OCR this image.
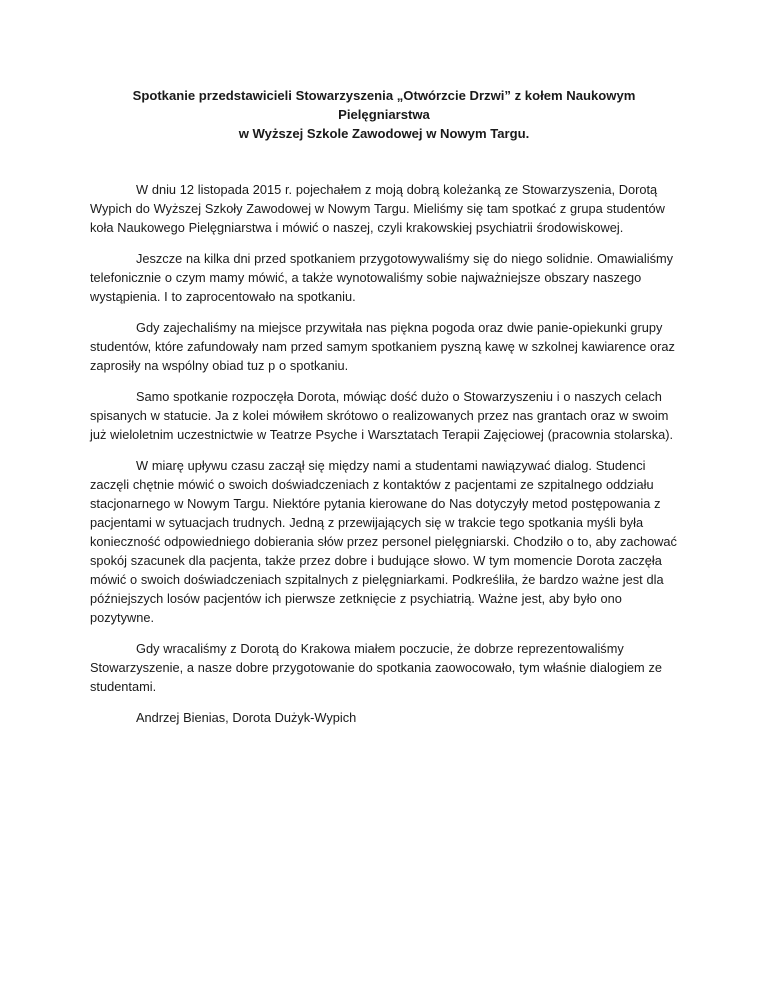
Spotkanie przedstawicieli Stowarzyszenia „Otwórzcie Drzwi” z kołem Naukowym Pielęgniarstwa
w Wyższej Szkole Zawodowej w Nowym Targu.

W dniu 12 listopada 2015 r. pojechałem z moją dobrą koleżanką ze Stowarzyszenia, Dorotą Wypich do Wyższej Szkoły Zawodowej w Nowym Targu. Mieliśmy się tam spotkać z grupa studentów koła Naukowego Pielęgniarstwa i mówić o naszej, czyli krakowskiej psychiatrii środowiskowej.

Jeszcze na kilka dni przed spotkaniem przygotowywaliśmy się do niego solidnie. Omawialiśmy telefonicznie o czym mamy mówić, a także wynotowaliśmy sobie najważniejsze obszary naszego wystąpienia. I to zaprocentowało na spotkaniu.

Gdy zajechaliśmy na miejsce przywitała nas piękna pogoda oraz dwie panie-opiekunki grupy studentów, które zafundowały nam przed samym spotkaniem pyszną kawę w szkolnej kawiarence oraz zaprosiły na wspólny obiad tuz p o spotkaniu.

Samo spotkanie rozpoczęła Dorota, mówiąc dość dużo o Stowarzyszeniu i o naszych celach spisanych w statucie. Ja z kolei mówiłem skrótowo o realizowanych przez nas grantach oraz w swoim już wieloletnim uczestnictwie w Teatrze Psyche i Warsztatach Terapii Zajęciowej (pracownia stolarska).

W miarę upływu czasu zaczął się między nami a studentami nawiązywać dialog. Studenci zaczęli chętnie mówić o swoich doświadczeniach z kontaktów z pacjentami ze szpitalnego oddziału stacjonarnego w Nowym Targu. Niektóre pytania kierowane do Nas dotyczyły metod postępowania z pacjentami w sytuacjach trudnych. Jedną z przewijających się w trakcie tego spotkania myśli była konieczność odpowiedniego dobierania słów przez personel pielęgniarski. Chodziło o to, aby zachować spokój szacunek dla pacjenta, także przez dobre i budujące słowo. W tym momencie Dorota zaczęła mówić o swoich doświadczeniach szpitalnych z pielęgniarkami. Podkreśliła, że bardzo ważne jest dla późniejszych losów pacjentów ich pierwsze zetknięcie z psychiatrią. Ważne jest, aby było ono pozytywne.

Gdy wracaliśmy z Dorotą do Krakowa miałem poczucie, że dobrze reprezentowaliśmy Stowarzyszenie, a nasze dobre przygotowanie do spotkania zaowocowało, tym właśnie dialogiem ze studentami.

Andrzej Bienias, Dorota Dużyk-Wypich
